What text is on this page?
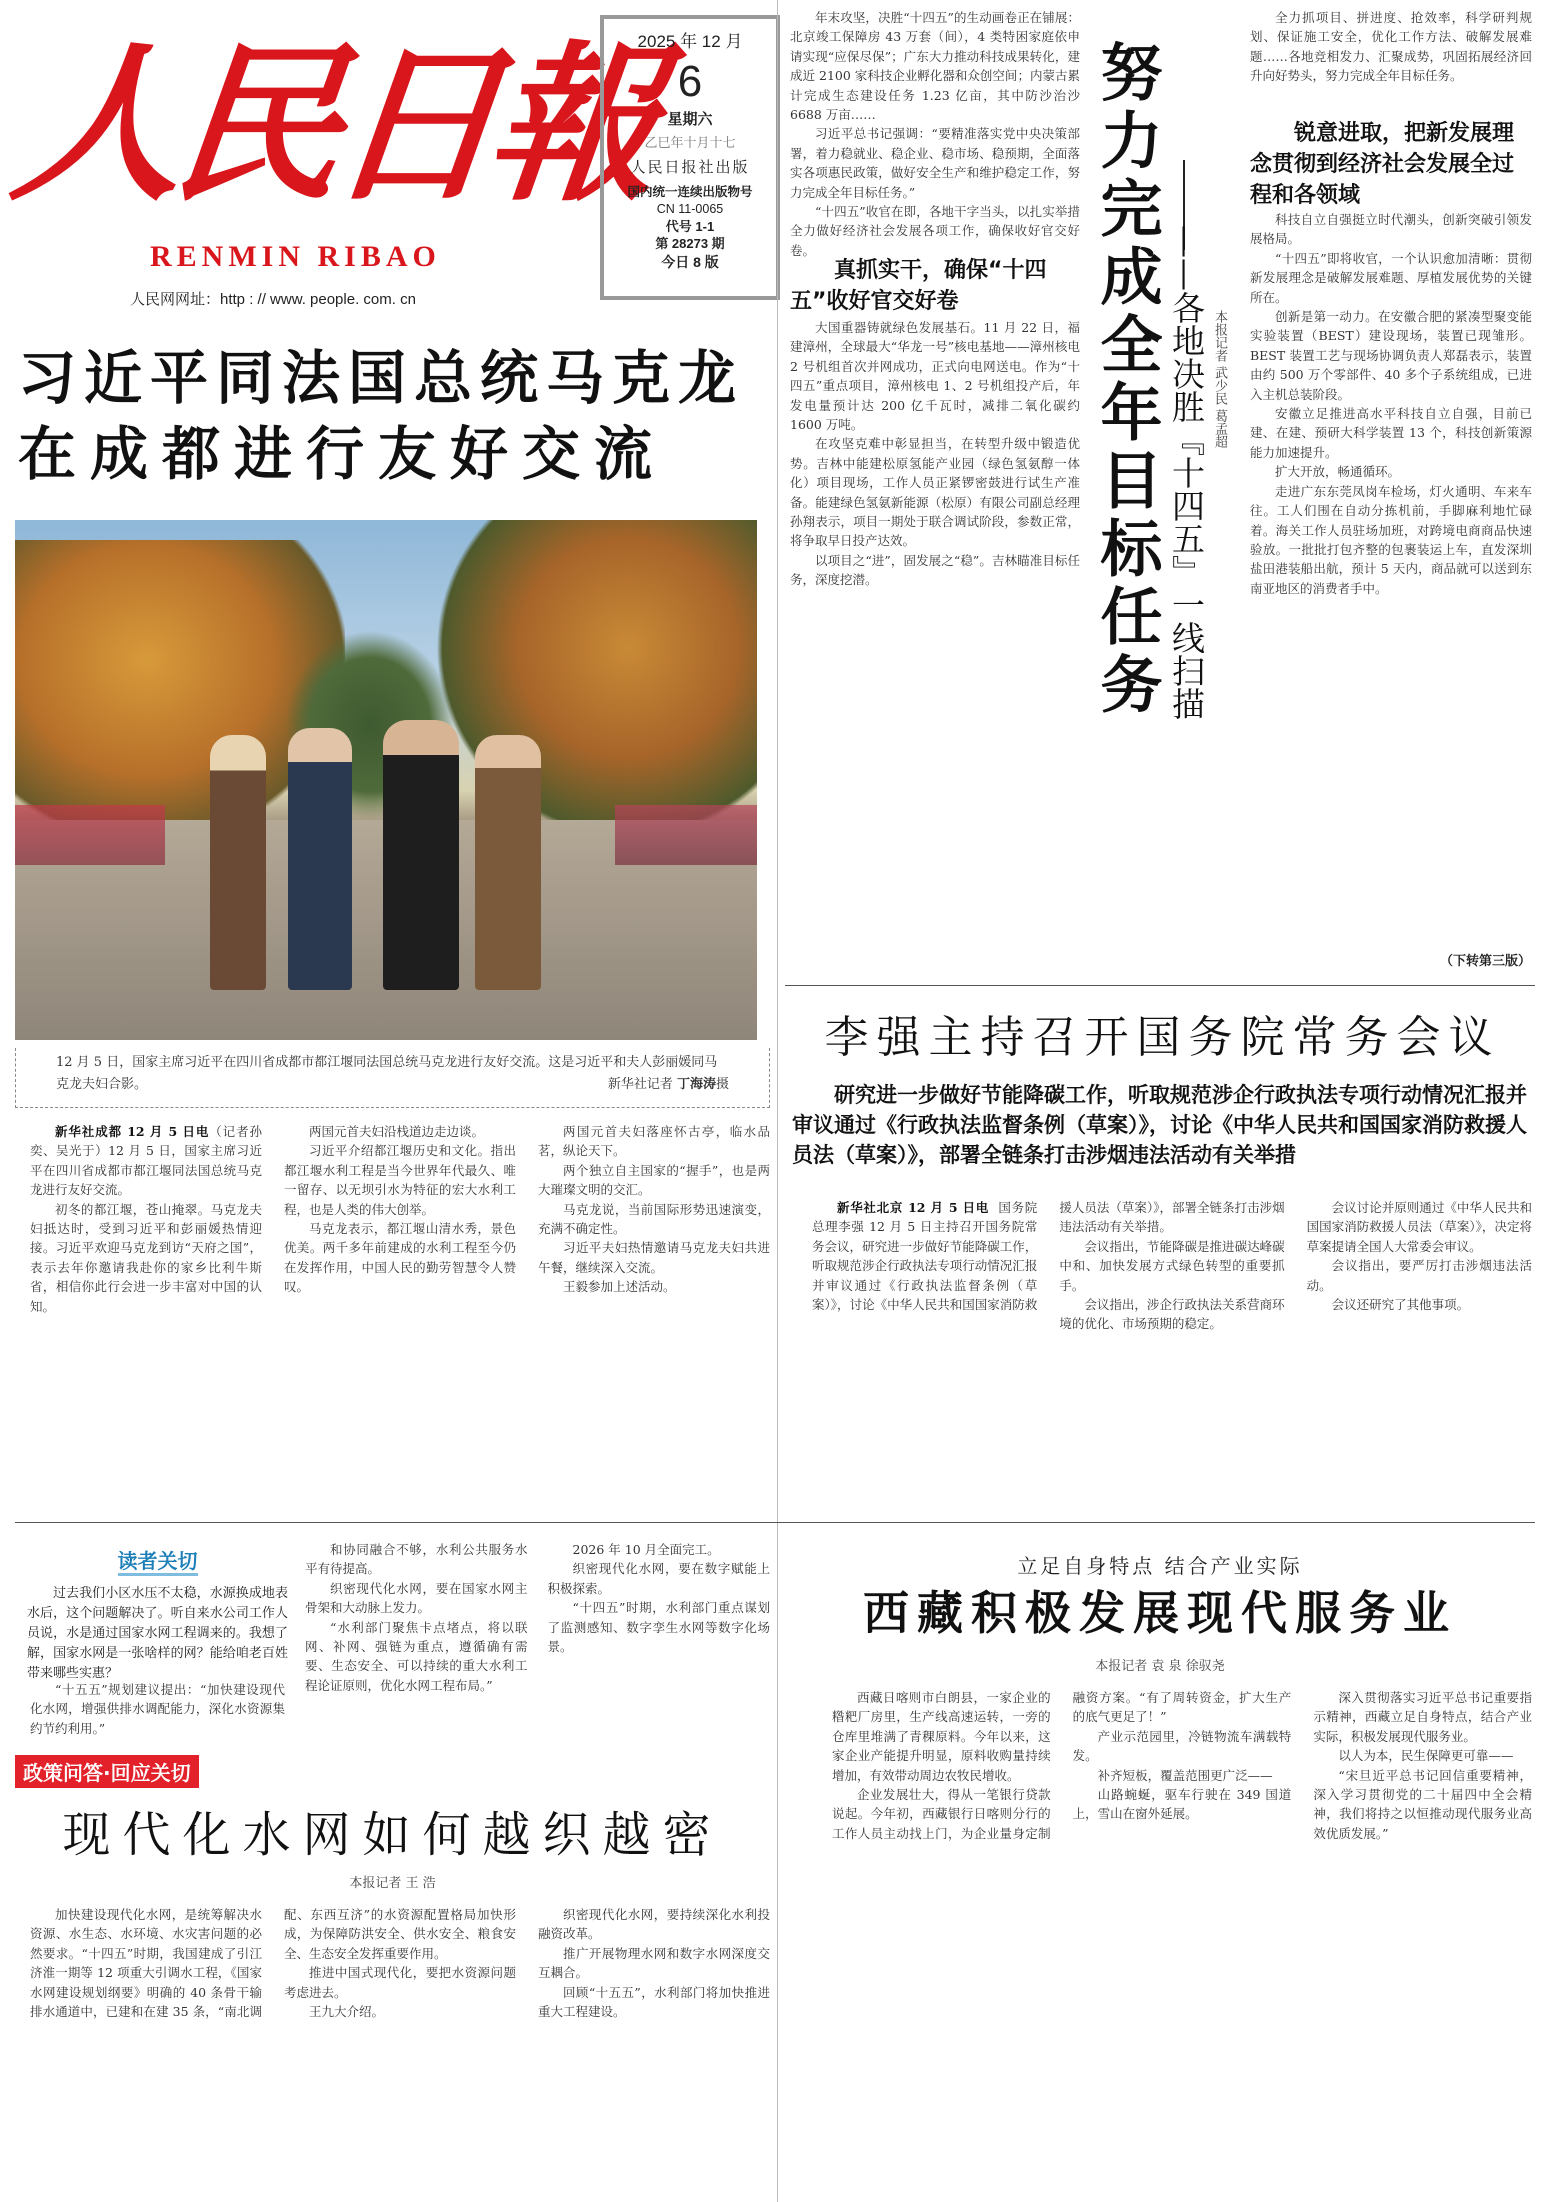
人民日報
RENMIN RIBAO
人民网网址：http : // www. people. com. cn
2025 年 12 月
6
星期六
乙巳年十月十七
人民日报社出版
国内统一连续出版物号
CN 11-0065
代号 1-1
第 28273 期
今日 8 版
习近平同法国总统马克龙
在成都进行友好交流
12 月 5 日，国家主席习近平在四川省成都市都江堰同法国总统马克龙进行友好交流。这是习近平和夫人彭丽媛同马克龙夫妇合影。	新华社记者 丁海涛摄

新华社成都 12 月 5 日电（记者孙奕、吴光于）12 月 5 日，国家主席习近平在四川省成都市都江堰同法国总统马克龙进行友好交流。

初冬的都江堰，苍山掩翠。马克龙夫妇抵达时，受到习近平和彭丽媛热情迎接。习近平欢迎马克龙到访“天府之国”，表示去年你邀请我赴你的家乡比利牛斯省，相信你此行会进一步丰富对中国的认知。

两国元首夫妇沿栈道边走边谈。

习近平介绍都江堰历史和文化。指出都江堰水利工程是当今世界年代最久、唯一留存、以无坝引水为特征的宏大水利工程，也是人类的伟大创举。

马克龙表示，都江堰山清水秀，景色优美。两千多年前建成的水利工程至今仍在发挥作用，中国人民的勤劳智慧令人赞叹。

两国元首夫妇落座怀古亭，临水品茗，纵论天下。

两个独立自主国家的“握手”，也是两大璀璨文明的交汇。

马克龙说，当前国际形势迅速演变，充满不确定性。

习近平夫妇热情邀请马克龙夫妇共进午餐，继续深入交流。

王毅参加上述活动。

年末攻坚，决胜“十四五”的生动画卷正在铺展：北京竣工保障房 43 万套（间），4 类特困家庭依申请实现“应保尽保”；广东大力推动科技成果转化，建成近 2100 家科技企业孵化器和众创空间；内蒙古累计完成生态建设任务 1.23 亿亩，其中防沙治沙 6688 万亩……

习近平总书记强调：“要精准落实党中央决策部署，着力稳就业、稳企业、稳市场、稳预期，全面落实各项惠民政策，做好安全生产和维护稳定工作，努力完成全年目标任务。”

“十四五”收官在即，各地干字当头，以扎实举措全力做好经济社会发展各项工作，确保收好官交好卷。

真抓实干，确保“十四五”收好官交好卷

大国重器铸就绿色发展基石。11 月 22 日，福建漳州，全球最大“华龙一号”核电基地——漳州核电 2 号机组首次并网成功，正式向电网送电。作为“十四五”重点项目，漳州核电 1、2 号机组投产后，年发电量预计达 200 亿千瓦时，减排二氧化碳约 1600 万吨。

在攻坚克难中彰显担当，在转型升级中锻造优势。吉林中能建松原氢能产业园（绿色氢氨醇一体化）项目现场，工作人员正紧锣密鼓进行试生产准备。能建绿色氢氨新能源（松原）有限公司副总经理孙翔表示，项目一期处于联合调试阶段，参数正常，将争取早日投产达效。

以项目之“进”，固发展之“稳”。吉林瞄准目标任务，深度挖潜。	努力完成全年目标任务 ——各地决胜『十四五』一线扫描 本报记者 武少民 葛孟超

全力抓项目、拼进度、抢效率，科学研判规划、保证施工安全，优化工作方法、破解发展难题……各地竞相发力、汇聚成势，巩固拓展经济回升向好势头，努力完成全年目标任务。

锐意进取，把新发展理念贯彻到经济社会发展全过程和各领域

科技自立自强挺立时代潮头，创新突破引领发展格局。

“十四五”即将收官，一个认识愈加清晰：贯彻新发展理念是破解发展难题、厚植发展优势的关键所在。

创新是第一动力。在安徽合肥的紧凑型聚变能实验装置（BEST）建设现场，装置已现雏形。BEST 装置工艺与现场协调负责人郑磊表示，装置由约 500 万个零部件、40 多个子系统组成，已进入主机总装阶段。

安徽立足推进高水平科技自立自强，目前已建、在建、预研大科学装置 13 个，科技创新策源能力加速提升。

扩大开放，畅通循环。

走进广东东莞凤岗车检场，灯火通明、车来车往。工人们围在自动分拣机前，手脚麻利地忙碌着。海关工作人员驻场加班，对跨境电商商品快速验放。一批批打包齐整的包裹装运上车，直发深圳盐田港装船出航，预计 5 天内，商品就可以送到东南亚地区的消费者手中。

（下转第三版）
李强主持召开国务院常务会议
研究进一步做好节能降碳工作，听取规范涉企行政执法专项行动情况汇报并审议通过《行政执法监督条例（草案）》，讨论《中华人民共和国国家消防救援人员法（草案）》，部署全链条打击涉烟违法活动有关举措

新华社北京 12 月 5 日电 国务院总理李强 12 月 5 日主持召开国务院常务会议，研究进一步做好节能降碳工作，听取规范涉企行政执法专项行动情况汇报并审议通过《行政执法监督条例（草案）》，讨论《中华人民共和国国家消防救援人员法（草案）》，部署全链条打击涉烟违法活动有关举措。

会议指出，节能降碳是推进碳达峰碳中和、加快发展方式绿色转型的重要抓手。

会议指出，涉企行政执法关系营商环境的优化、市场预期的稳定。

会议讨论并原则通过《中华人民共和国国家消防救援人员法（草案）》，决定将草案提请全国人大常委会审议。

会议指出，要严厉打击涉烟违法活动。

会议还研究了其他事项。

读者关切

过去我们小区水压不太稳，水源换成地表水后，这个问题解决了。听自来水公司工作人员说，水是通过国家水网工程调来的。我想了解，国家水网是一张啥样的网？能给咱老百姓带来哪些实惠？

“十五五”规划建议提出：“加快建设现代化水网，增强供排水调配能力，深化水资源集约节约利用。”

和协同融合不够，水利公共服务水平有待提高。

织密现代化水网，要在国家水网主骨架和大动脉上发力。

“水利部门聚焦卡点堵点，将以联网、补网、强链为重点，遵循确有需要、生态安全、可以持续的重大水利工程论证原则，优化水网工程布局。”

2026 年 10 月全面完工。

织密现代化水网，要在数字赋能上积极探索。

“十四五”时期，水利部门重点谋划了监测感知、数字孪生水网等数字化场景。

政策问答·回应关切
现代化水网如何越织越密
本报记者 王 浩

加快建设现代化水网，是统筹解决水资源、水生态、水环境、水灾害问题的必然要求。“十四五”时期，我国建成了引江济淮一期等 12 项重大引调水工程，《国家水网建设规划纲要》明确的 40 条骨干输排水通道中，已建和在建 35 条，“南北调配、东西互济”的水资源配置格局加快形成，为保障防洪安全、供水安全、粮食安全、生态安全发挥重要作用。

推进中国式现代化，要把水资源问题考虑进去。

王九大介绍。

织密现代化水网，要持续深化水利投融资改革。

推广开展物理水网和数字水网深度交互耦合。

回顾“十五五”，水利部门将加快推进重大工程建设。

立足自身特点 结合产业实际
西藏积极发展现代服务业
本报记者 袁 泉 徐驭尧

西藏日喀则市白朗县，一家企业的糌粑厂房里，生产线高速运转，一旁的仓库里堆满了青稞原料。今年以来，这家企业产能提升明显，原料收购量持续增加，有效带动周边农牧民增收。

企业发展壮大，得从一笔银行贷款说起。今年初，西藏银行日喀则分行的工作人员主动找上门，为企业量身定制融资方案。“有了周转资金，扩大生产的底气更足了！”

产业示范园里，冷链物流车满载特发。

补齐短板，覆盖范围更广泛——

山路蜿蜒，驱车行驶在 349 国道上，雪山在窗外延展。

深入贯彻落实习近平总书记重要指示精神，西藏立足自身特点，结合产业实际，积极发展现代服务业。

以人为本，民生保障更可靠——

“宋旦近平总书记回信重要精神，深入学习贯彻党的二十届四中全会精神，我们将持之以恒推动现代服务业高效优质发展。”
